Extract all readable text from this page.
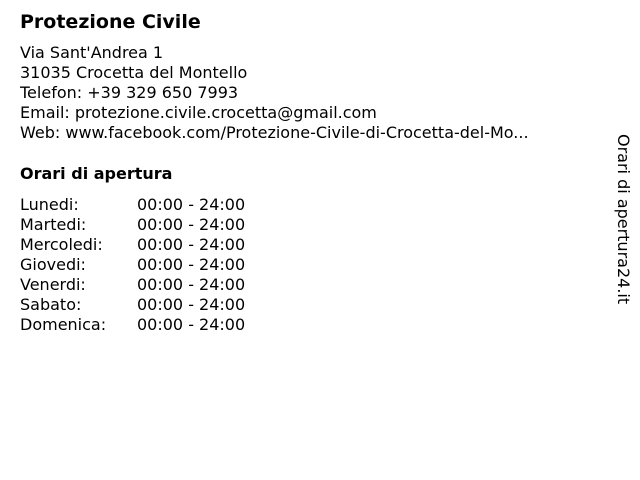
Protezione Civile
Via Sant'Andrea 1
31035 Crocetta del Montello
Telefon: +39 329 650 7993
Email: protezione.civile.crocetta@gmail.com
Web: www.facebook.com/Protezione-Civile-di-Crocetta-del-Mo...
Orari di apertura
Lunedi:	00:00 - 24:00
Martedi:	00:00 - 24:00
Mercoledi: 00:00 - 24:00
Giovedi:	00:00 - 24:00
Venerdi:	00:00 - 24:00
Sabato:	00:00 - 24:00
Domenica: 00:00 - 24:00
Orari di apertura24.it
